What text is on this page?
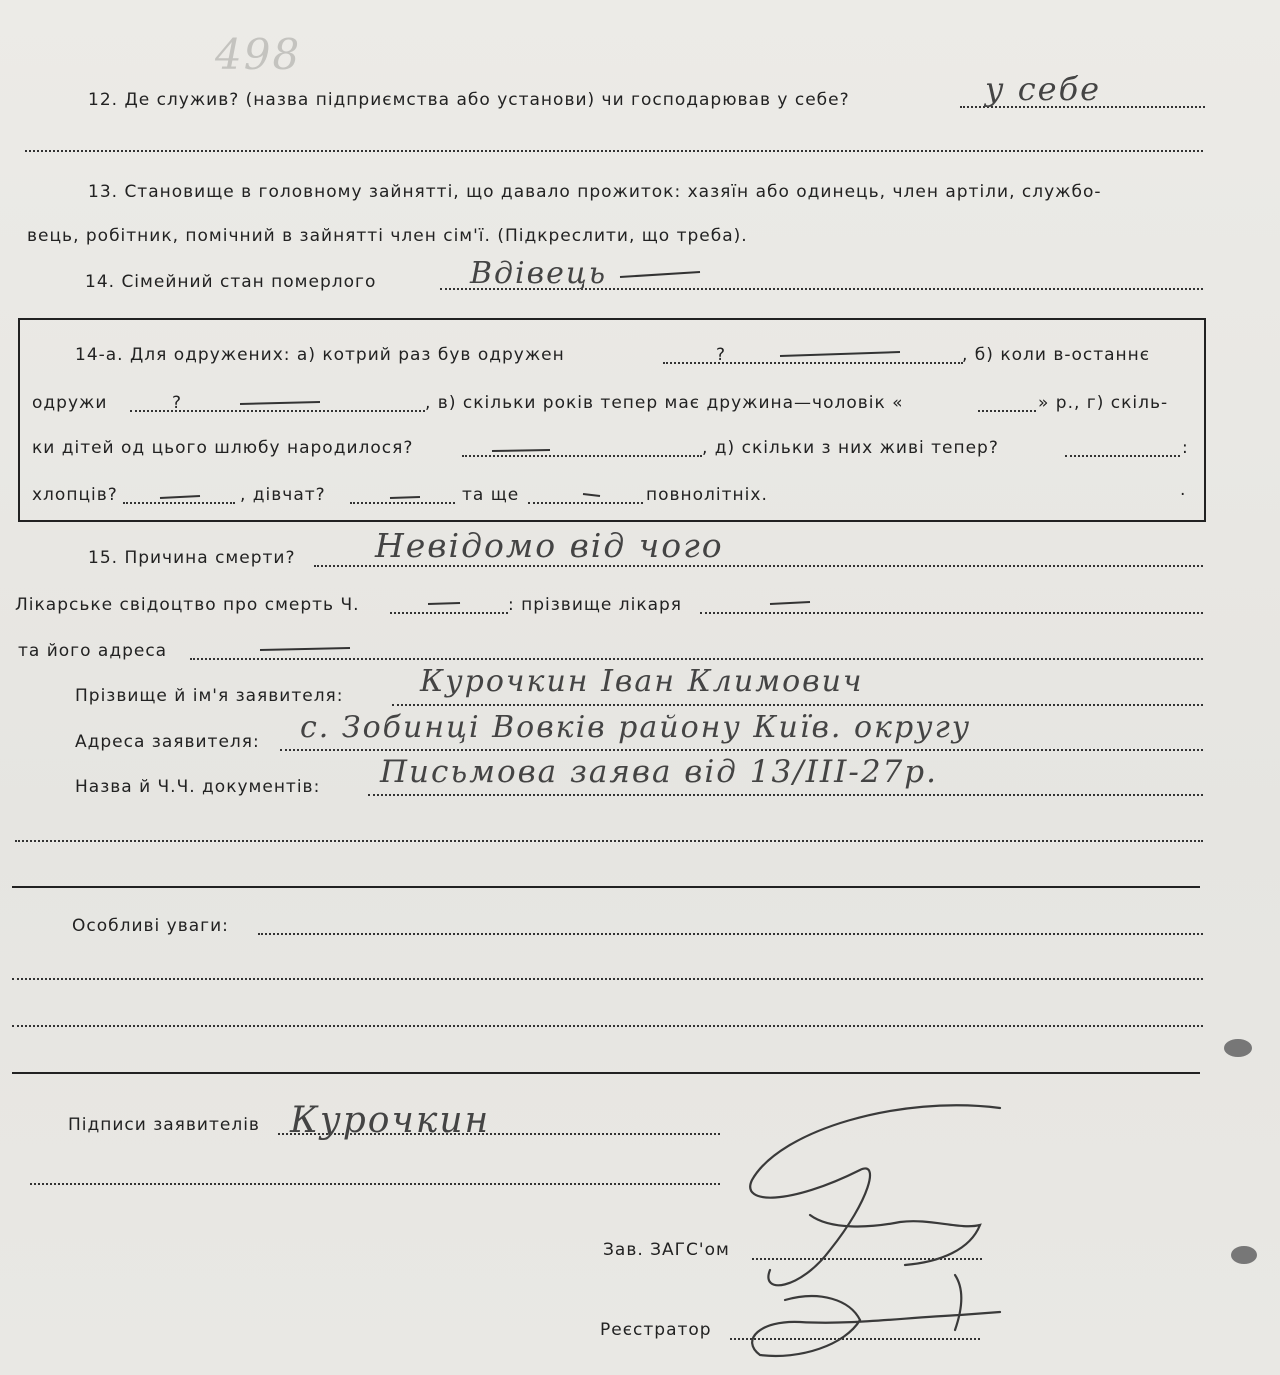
498
12. Де служив? (назва підприємства або установи) чи господарював у себе?	у себе
13. Становище в головному зайнятті, що давало прожиток: хазяїн або одинець, член артіли, службо-
вець, робітник, помічний в зайнятті член сім'ї. (Підкреслити, що треба).
14. Сімейний стан померлого	Вдівець
14-а. Для одружених: а) котрий раз був одружен	?	, б) коли в-останнє
одружи	?	, в) скільки років тепер має дружина—чоловік «	» р., г) скіль-
ки дітей од цього шлюбу народилося?	, д) скільки з них живі тепер?	:
хлопців?	, дівчат?	та ще	повнолітніх.	.
15. Причина смерти? Невідомо від чого
Лікарське свідоцтво про смерть Ч.	: прізвище лікаря
та його адреса
Прізвище й ім'я заявителя:	Курочкин Іван Климович
Адреса заявителя: с. Зобинці Вовків району Київ. округу
Назва й Ч.Ч. документів: Письмова заява від 13/III-27р.
Особливі уваги:
Підписи заявителів Курочкин
Зав. ЗАГС'ом
Реєстратор
